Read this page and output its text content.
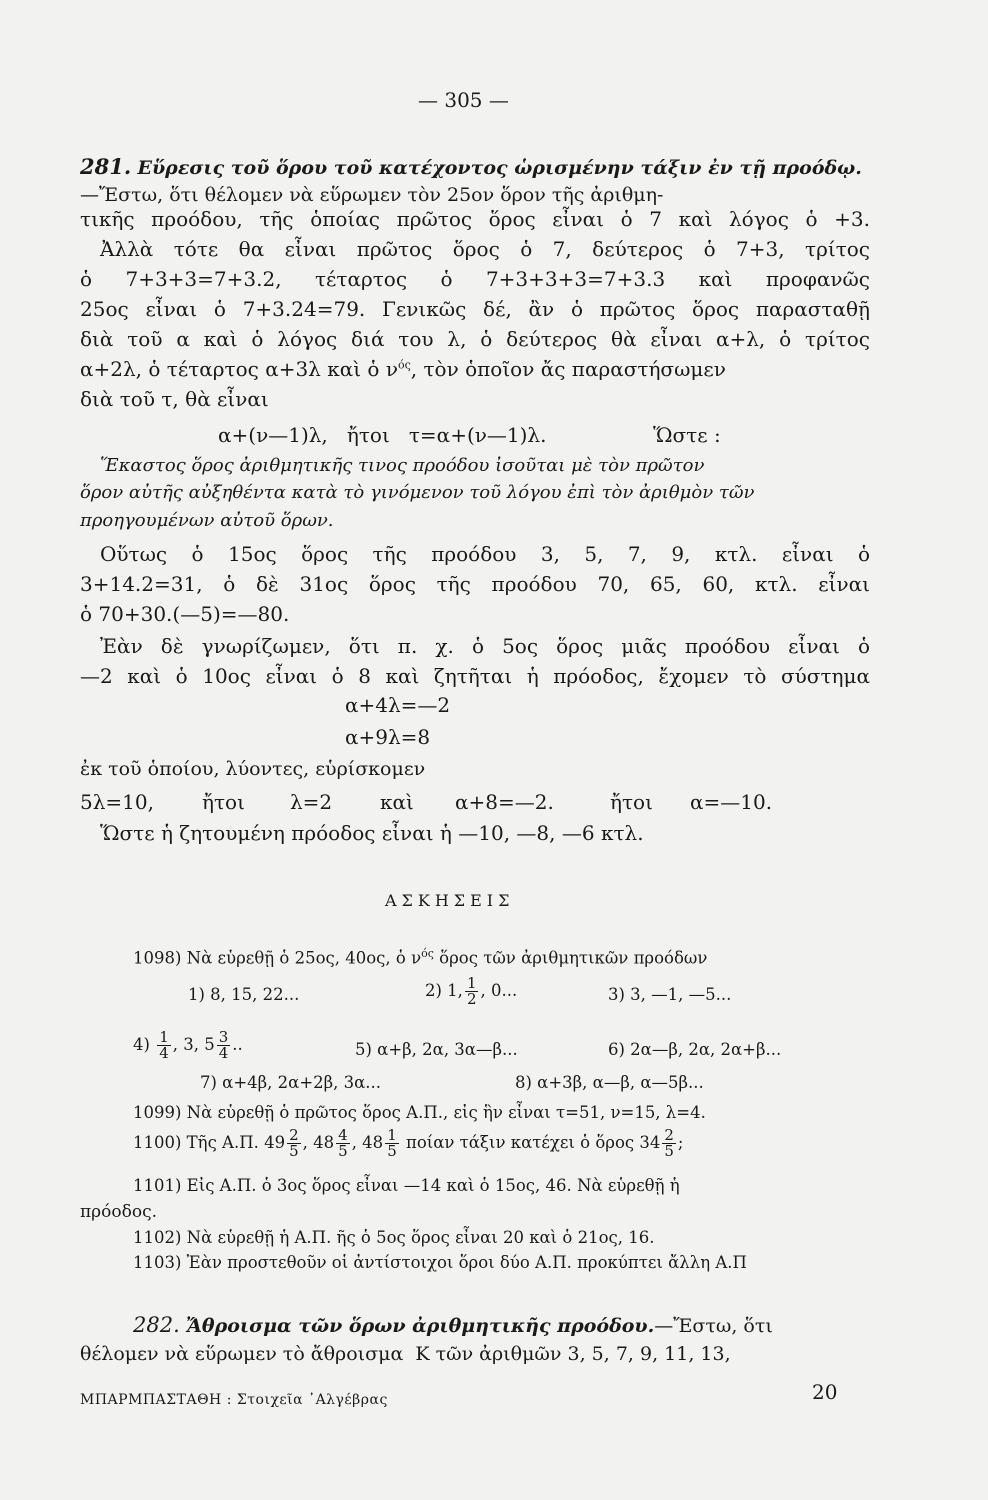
— 305 —
281. Εὕρεσις τοῦ ὅρου τοῦ κατέχοντος ὡρισμένην τάξιν ἐν τῇ προόδῳ.
—Ἔστω, ὅτι θέλομεν νὰ εὕρωμεν τὸν 25ον ὅρον τῆς ἀριθμη-
τικῆς προόδου, τῆς ὁποίας πρῶτος ὅρος εἶναι ὁ 7 καὶ λόγος ὁ +3.
Ἀλλὰ τότε θα εἶναι πρῶτος ὅρος ὁ 7, δεύτερος ὁ 7+3, τρίτος
ὁ 7+3+3=7+3.2, τέταρτος ὁ 7+3+3+3=7+3.3 καὶ προφανῶς
25ος εἶναι ὁ 7+3.24=79. Γενικῶς δέ, ἂν ὁ πρῶτος ὅρος παρασταθῇ
διὰ τοῦ α καὶ ὁ λόγος διά του λ, ὁ δεύτερος θὰ εἶναι α+λ, ὁ τρίτος
α+2λ, ὁ τέταρτος α+3λ καὶ ὁ $\nu^{ό\varsigma}$, τὸν ὁποῖον ἄς παραστήσωμεν
διὰ τοῦ τ, θὰ εἶναι
α+(ν—1)λ,   ἤτοι   τ=α+(ν—1)λ.	Ὥστε :
Ἕκαστος ὅρος ἀριθμητικῆς τινος προόδου ἰσοῦται μὲ τὸν πρῶτον
ὅρον αὐτῆς αὐξηθέντα κατὰ τὸ γινόμενον τοῦ λόγου ἐπὶ τὸν ἀριθμὸν τῶν
προηγουμένων αὐτοῦ ὅρων.
Οὕτως ὁ 15ος ὅρος τῆς προόδου 3, 5, 7, 9, κτλ. εἶναι ὁ
3+14.2=31, ὁ δὲ 31ος ὅρος τῆς προόδου 70, 65, 60, κτλ. εἶναι
ὁ 70+30.(—5)=—80.
Ἐὰν δὲ γνωρίζωμεν, ὅτι π. χ. ὁ 5ος ὅρος μιᾶς προόδου εἶναι ὁ
—2 καὶ ὁ 10ος εἶναι ὁ 8 καὶ ζητῆται ἡ πρόοδος, ἔχομεν τὸ σύστημα
α+4λ=—2
α+9λ=8
ἐκ τοῦ ὁποίου, λύοντες, εὑρίσκομεν
5λ=10, ἤτοι λ=2 καὶ α+8=—2.	ἤτοι α=—10.
Ὥστε ἡ ζητουμένη πρόοδος εἶναι ἡ —10, —8, —6 κτλ.
ΑΣΚΗΣΕΙΣ
1098) Νὰ εὑρεθῇ ὁ 25ος, 40ος, ὁ $\nu^{ό\varsigma}$ ὅρος τῶν ἀριθμητικῶν προόδων
1) 8, 15, 22...	2) 1, $\frac{1}{2}$ , 0...	3) 3, —1, —5...
$4) \frac{1}{4}$ , 3, $5 \frac{3}{4}$ ..	5) α+β, 2α, 3α—β...	6) 2α—β, 2α, 2α+β...
7) α+4β, 2α+2β, 3α...	8) α+3β, α—β, α—5β...
1099) Νὰ εὑρεθῇ ὁ πρῶτος ὅρος Α.Π., εἰς ἣν εἶναι τ=51, ν=15, λ=4.
1100) Τῆς Α.Π. $49 \frac{2}{5}$ , $48 \frac{4}{5}$ , $48 \frac{1}{5}$ ποίαν τάξιν κατέχει ὁ ὅρος $34 \frac{2}{5}$ ;
1101) Εἰς Α.Π. ὁ 3ος ὅρος εἶναι —14 καὶ ὁ 15ος, 46. Νὰ εὑρεθῇ ἡ
πρόοδος.
1102) Νὰ εὑρεθῇ ἡ Α.Π. ῆς ὁ 5ος ὅρος εἶναι 20 καὶ ὁ 21ος, 16.
1103) Ἐὰν προστεθοῦν οἱ ἀντίστοιχοι ὅροι δύο Α.Π. προκύπτει ἄλλη Α.Π
282. Ἄθροισμα τῶν ὅρων ἀριθμητικῆς προόδου.—Ἔστω, ὅτι
θέλομεν νὰ εὕρωμεν τὸ ἄθροισμα  Κ τῶν ἀριθμῶν 3, 5, 7, 9, 11, 13,
ΜΠΑΡΜΠΑΣΤΑΘΗ : Στοιχεῖα ᾽Αλγέβρας	20
